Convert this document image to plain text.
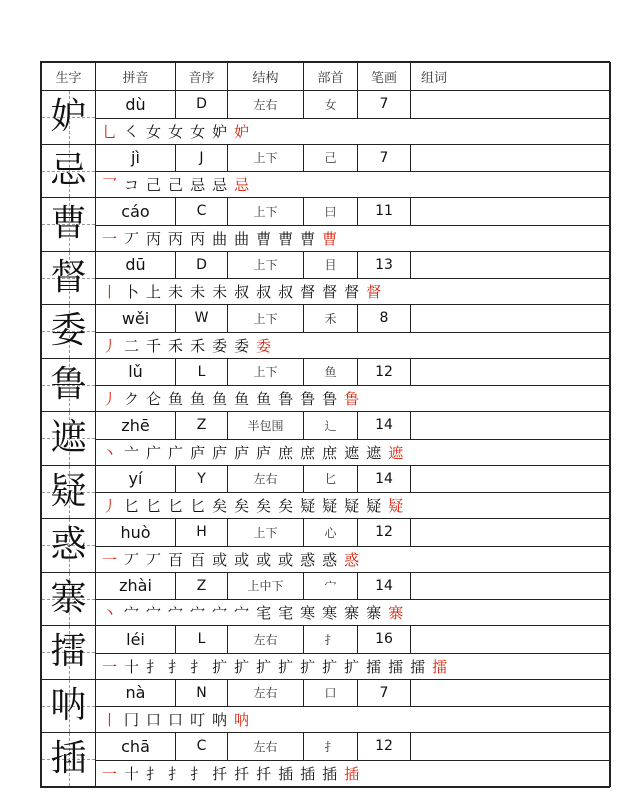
生字	拼音	音序	结构	部首	笔画	组词

妒	dù	D	左右	女	7	
	乚 ㇛ 女 女 女 妒 妒					

忌	jì	J	上下	己	7	
	乛 コ 己 己 忌 忌 忌					

曹	cáo	C	上下	曰	11	
	一 丆 丙 丙 丙 曲 曲 曹 曹 曹 曹					

督	dū	D	上下	目	13	
	丨 卜 上 未 未 未 叔 叔 叔 督 督 督 督					

委	wěi	W	上下	禾	8	
	丿 二 千 禾 禾 委 委 委					

鲁	lǔ	L	上下	鱼	12	
	丿 ク 仑 鱼 鱼 鱼 鱼 鱼 鲁 鲁 鲁 鲁					

遮	zhē	Z	半包围	辶	14	
	丶 亠 广 广 庐 庐 庐 庐 庶 庶 庶 遮 遮 遮					

疑	yí	Y	左右	匕	14	
	丿 匕 匕 匕 匕 矣 矣 矣 矣 疑 疑 疑 疑 疑					

惑	huò	H	上下	心	12	
	一 丆 丆 百 百 或 或 或 或 惑 惑 惑					

寨	zhài	Z	上中下	宀	14	
	丶 宀 宀 宀 宀 宀 宀 宒 宒 寒 寒 寨 寨 寨					

擂	léi	L	左右	扌	16	
	一 十 扌 扌 扌 扩 扩 扩 扩 扩 扩 扩 擂 擂 擂 擂					

呐	nà	N	左右	口	7	
	丨 冂 口 口 叮 呐 呐					

插	chā	C	左右	扌	12	
	一 十 扌 扌 扌 扦 扦 扦 插 插 插 插					
